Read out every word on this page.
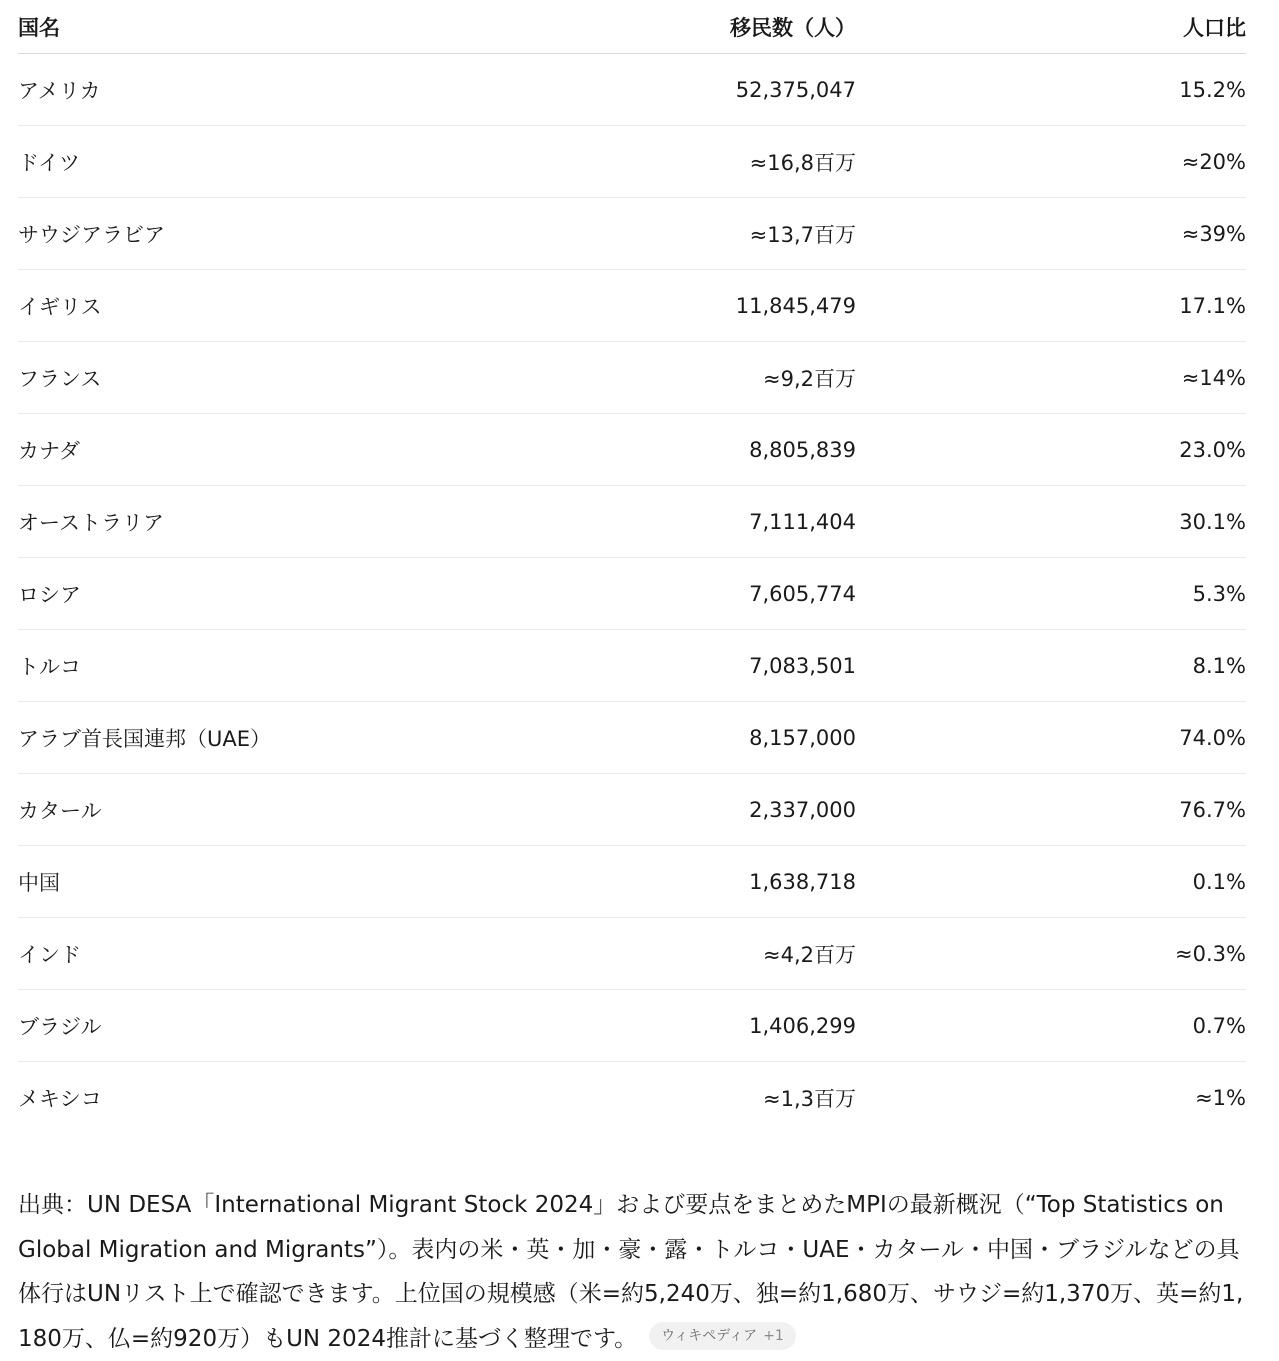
国名	移民数（人）	人口比
アメリカ	52,375,047	15.2%
ドイツ	≈16,8百万	≈20%
サウジアラビア	≈13,7百万	≈39%
イギリス	11,845,479	17.1%
フランス	≈9,2百万	≈14%
カナダ	8,805,839	23.0%
オーストラリア	7,111,404	30.1%
ロシア	7,605,774	5.3%
トルコ	7,083,501	8.1%
アラブ首長国連邦（UAE）	8,157,000	74.0%
カタール	2,337,000	76.7%
中国	1,638,718	0.1%
インド	≈4,2百万	≈0.3%
ブラジル	1,406,299	0.7%
メキシコ	≈1,3百万	≈1%

出典：UN DESA「International Migrant Stock 2024」および要点をまとめたMPIの最新概況（“Top Statistics on Global Migration and Migrants”）。表内の米・英・加・豪・露・トルコ・UAE・カタール・中国・ブラジルなどの具体行はUNリスト上で確認できます。上位国の規模感（米=約5,240万、独=約1,680万、サウジ=約1,370万、英=約1,180万、仏=約920万）もUN 2024推計に基づく整理です。 ウィキペディア +1
